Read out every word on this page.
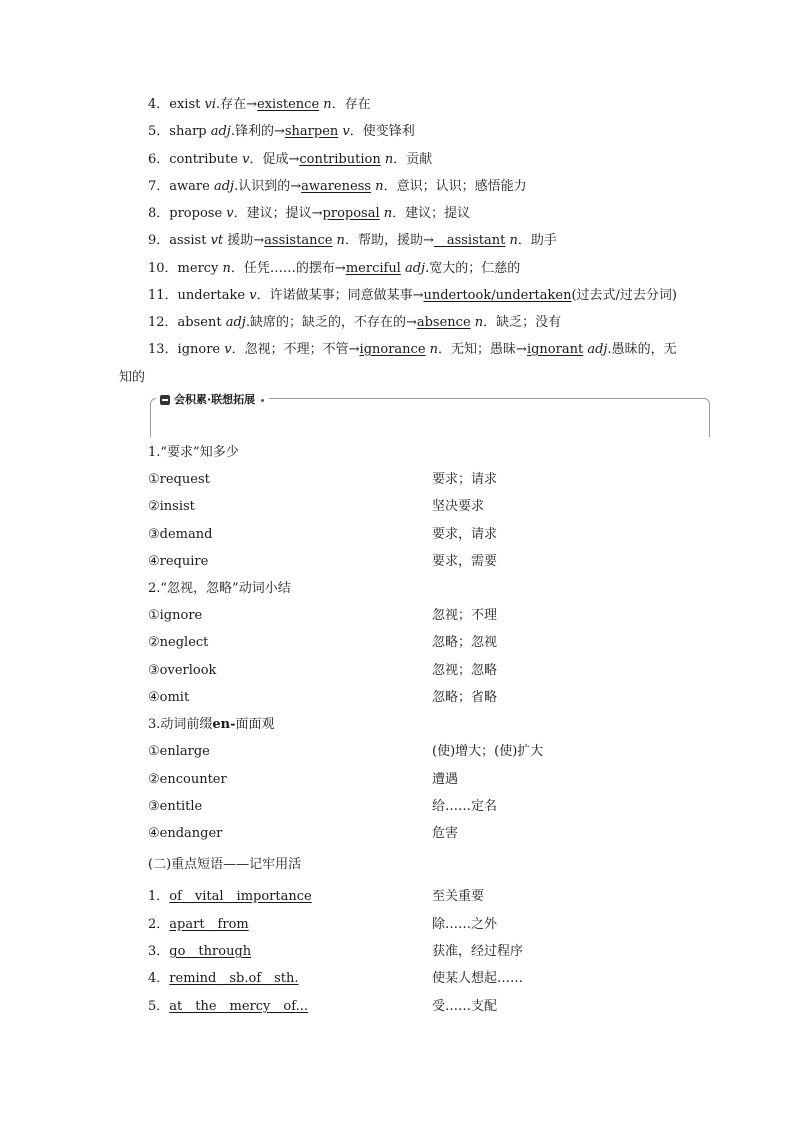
4．exist vi.存在→existence n．存在
5．sharp adj.锋利的→sharpen v．使变锋利
6．contribute v．促成→contribution n．贡献
7．aware adj.认识到的→awareness n．意识；认识；感悟能力
8．propose v．建议；提议→proposal n．建议；提议
9．assist vt 援助→assistance n．帮助，援助→__assistant n．助手
10．mercy n．任凭……的摆布→merciful adj.宽大的；仁慈的
11．undertake v．许诺做某事；同意做某事→undertook/undertaken(过去式/过去分词)
12．absent adj.缺席的；缺乏的，不存在的→absence n．缺乏；没有
13．ignore v．忽视；不理；不管→ignorance n．无知；愚昧→ignorant adj.愚昧的，无
知的
会积累·联想拓展
1.“要求”知多少
①request	要求；请求
②insist	坚决要求
③demand	要求，请求
④require	要求，需要
2.“忽视，忽略”动词小结
①ignore	忽视；不理
②neglect	忽略；忽视
③overlook	忽视；忽略
④omit	忽略；省略
3.动词前缀en-面面观
①enlarge	(使)增大；(使)扩大
②encounter	遭遇
③entitle	给……定名
④endanger	危害
(二)重点短语——记牢用活
1．of__vital__importance	至关重要
2．apart__from	除……之外
3．go__through	获准，经过程序
4．remind__sb.of__sth.	使某人想起……
5．at__the__mercy__of...	受……支配
